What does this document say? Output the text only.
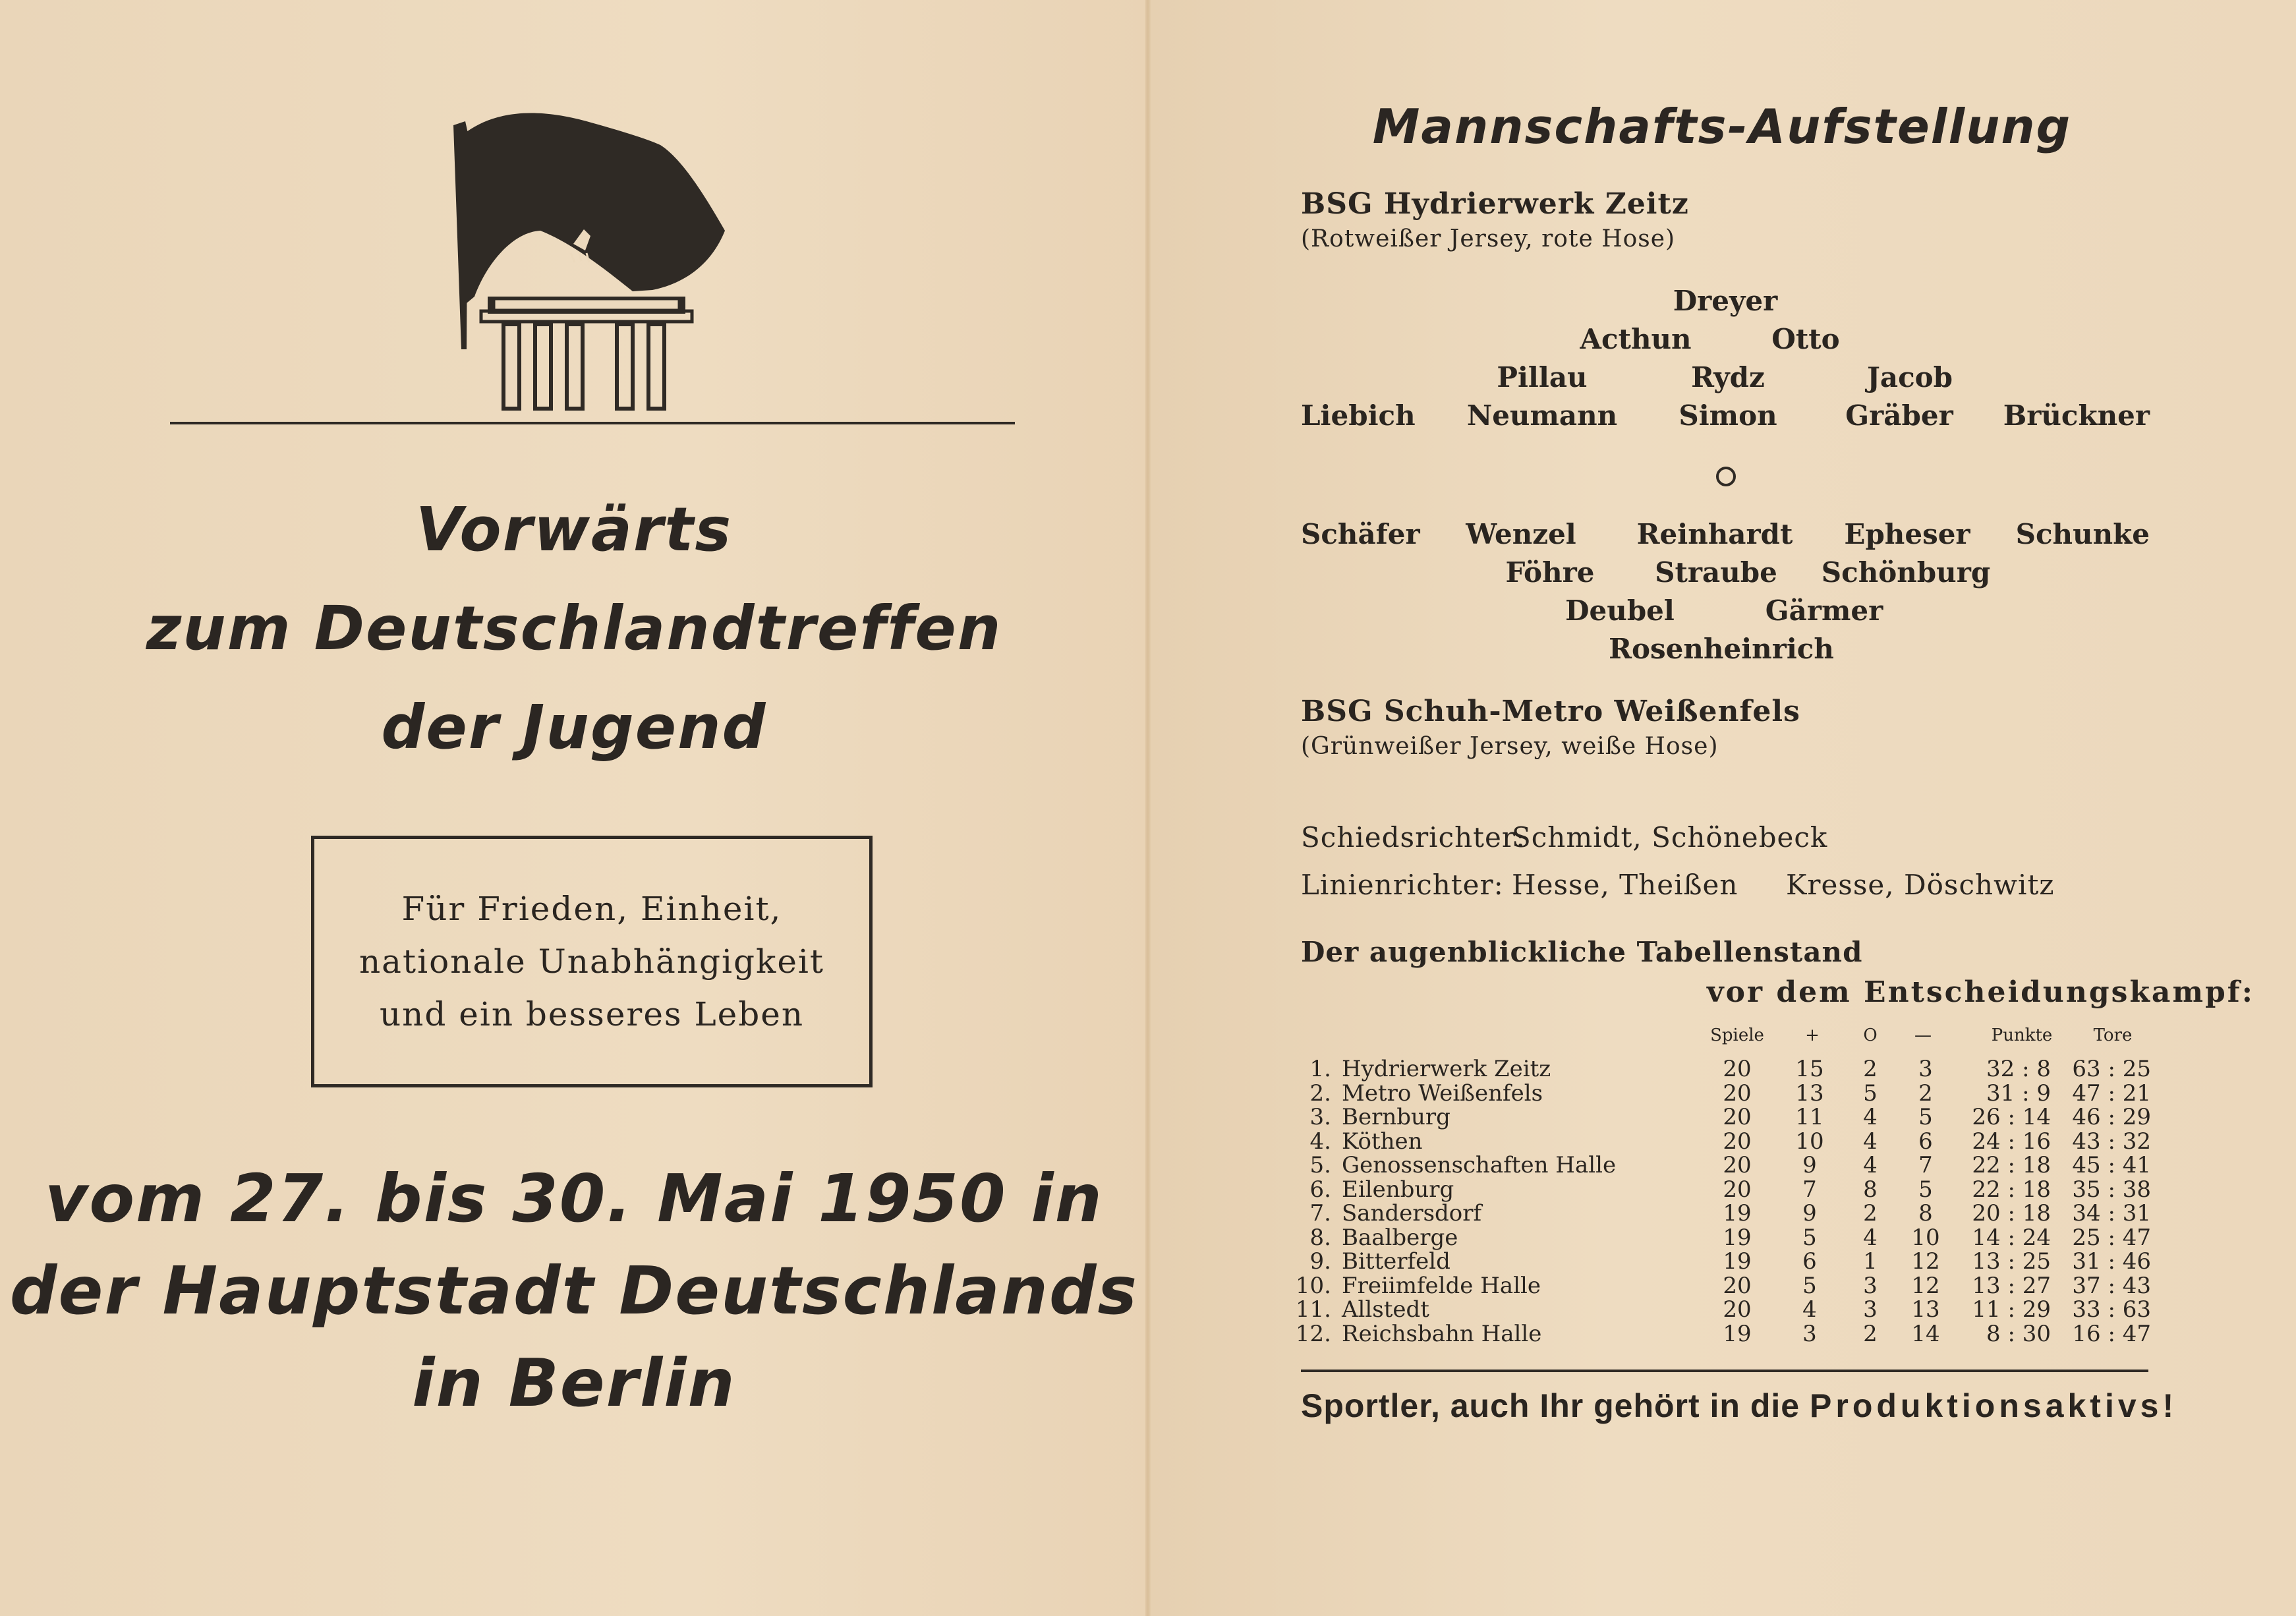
Vorwärts
zum Deutschlandtreffen
der Jugend
Für Frieden, Einheit,
nationale Unabhängigkeit
und ein besseres Leben
vom 27. bis 30. Mai 1950 in
der Hauptstadt Deutschlands
in Berlin
Mannschafts-Aufstellung
BSG Hydrierwerk Zeitz
(Rotweißer Jersey, rote Hose)
Dreyer
Acthun	Otto
Pillau	Rydz	Jacob
Liebich Neumann Simon Gräber Brückner
Schäfer Wenzel Reinhardt Epheser Schunke
Föhre Straube Schönburg
Deubel	Gärmer
Rosenheinrich
BSG Schuh-Metro Weißenfels
(Grünweißer Jersey, weiße Hose)
Schiedsrichter:
Schmidt, Schönebeck
Linienrichter: Hesse, Theißen Kresse, Döschwitz
Der augenblickliche Tabellenstand
vor dem Entscheidungskampf:
Spiele +	O —	Punkte Tore
1. Hydrierwerk Zeitz	20 15 2 3 32 : 8 63 : 25
2. Metro Weißenfels	20 13 5 2 31 : 9 47 : 21
3. Bernburg	20 11 4 5 26 : 14 46 : 29
4. Köthen	20 10 4 6 24 : 16 43 : 32
5. Genossenschaften Halle	20 9 4 7 22 : 18 45 : 41
6. Eilenburg	20 7 8 5 22 : 18 35 : 38
7. Sandersdorf	19 9 2 8 20 : 18 34 : 31
8. Baalberge	19 5 4 10 14 : 24 25 : 47
9. Bitterfeld	19 6 1 12 13 : 25 31 : 46
10. Freiimfelde Halle	20 5 3 12 13 : 27 37 : 43
11. Allstedt	20 4 3 13 11 : 29 33 : 63
12. Reichsbahn Halle	19 3 2 14 8 : 30 16 : 47
Sportler, auch Ihr gehört in die Produktionsaktivs!
